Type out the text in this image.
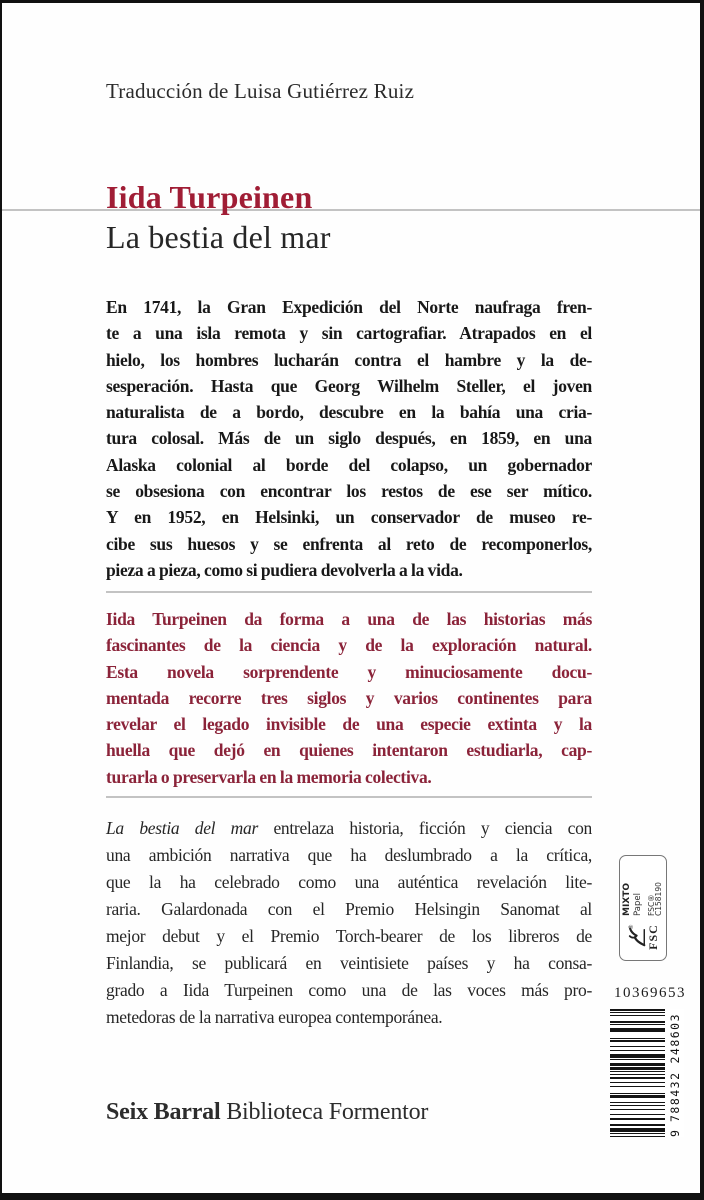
Traducción de Luisa Gutiérrez Ruiz
Iida Turpeinen
La bestia del mar
En 1741, la Gran Expedición del Norte naufraga fren-
te a una isla remota y sin cartografiar. Atrapados en el
hielo, los hombres lucharán contra el hambre y la de-
sesperación. Hasta que Georg Wilhelm Steller, el joven
naturalista de a bordo, descubre en la bahía una cria-
tura colosal. Más de un siglo después, en 1859, en una
Alaska colonial al borde del colapso, un gobernador
se obsesiona con encontrar los restos de ese ser mítico.
Y en 1952, en Helsinki, un conservador de museo re-
cibe sus huesos y se enfrenta al reto de recomponerlos,
pieza a pieza, como si pudiera devolverla a la vida.
Iida Turpeinen da forma a una de las historias más
fascinantes de la ciencia y de la exploración natural.
Esta novela sorprendente y minuciosamente docu-
mentada recorre tres siglos y varios continentes para
revelar el legado invisible de una especie extinta y la
huella que dejó en quienes intentaron estudiarla, cap-
turarla o preservarla en la memoria colectiva.
La bestia del mar entrelaza historia, ficción y ciencia con
una ambición narrativa que ha deslumbrado a la crítica,
que la ha celebrado como una auténtica revelación lite-
raria. Galardonada con el Premio Helsingin Sanomat al
mejor debut y el Premio Torch-bearer de los libreros de
Finlandia, se publicará en veintisiete países y ha consa-
grado a Iida Turpeinen como una de las voces más pro-
metedoras de la narrativa europea contemporánea.
Seix Barral Biblioteca Formentor
® FSC
MIXTO Papel FSC® C158190
10369653
9
788432
248603
